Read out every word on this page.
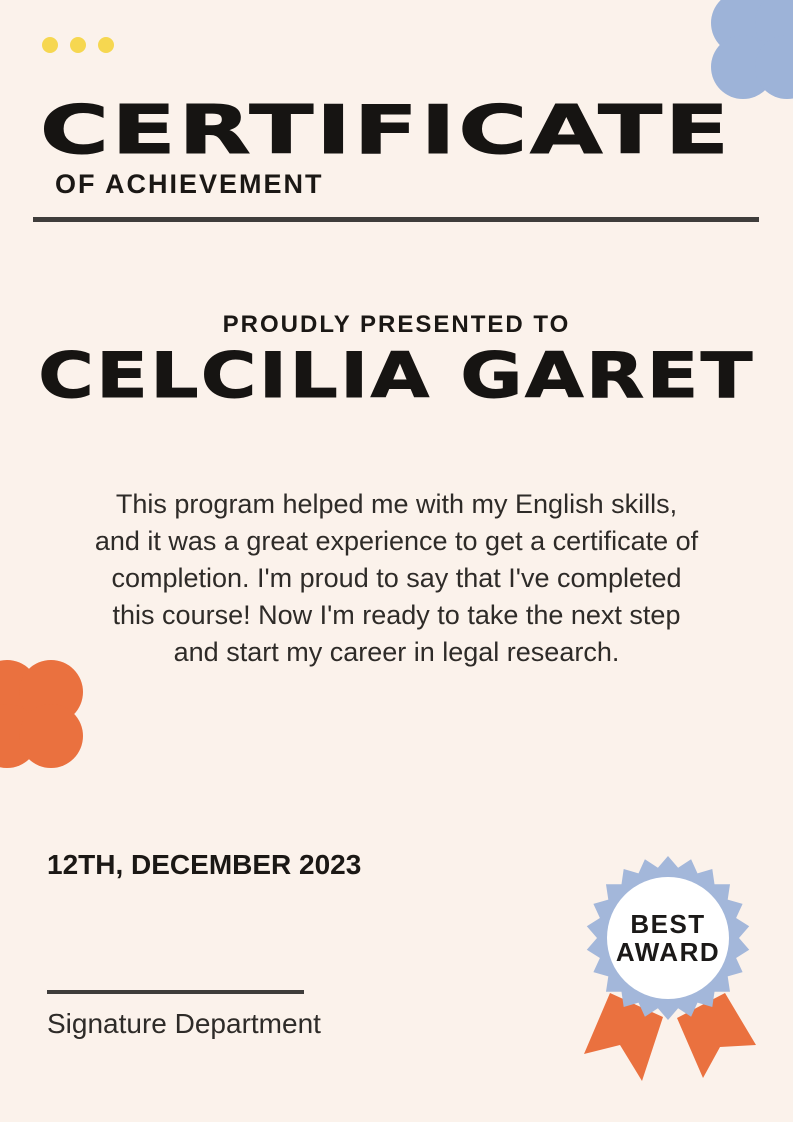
CERTIFICATE
OF ACHIEVEMENT
PROUDLY PRESENTED TO
CELCILIA GARET
This program helped me with my English skills,
and it was a great experience to get a certificate of
completion. I'm proud to say that I've completed
this course! Now I'm ready to take the next step
and start my career in legal research.
12TH, DECEMBER 2023
Signature Department
BEST
AWARD
